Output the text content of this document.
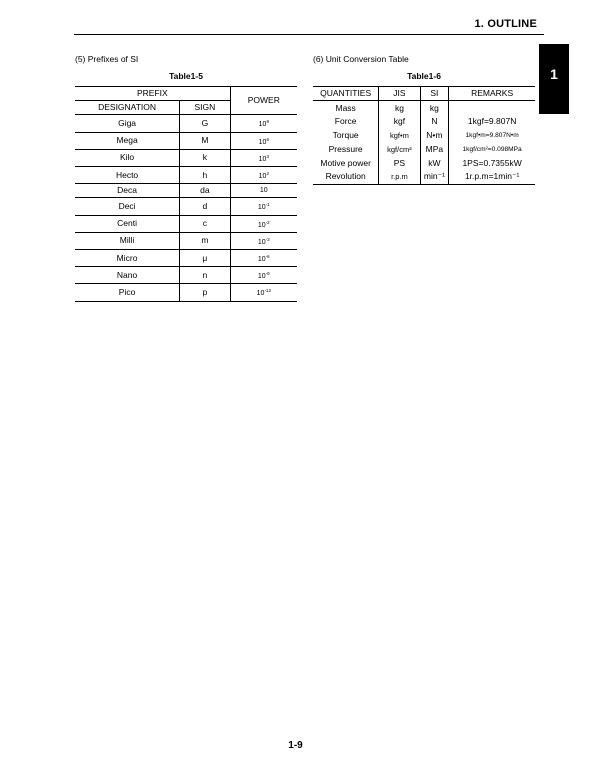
1. OUTLINE
1
(5) Prefixes of SI
Table1-5
PREFIX		POWER
DESIGNATION	SIGN	
Giga	G	$10^9$
Mega	M	$10^6$
Kilo	k	$10^3$
Hecto	h	$10^2$
Deca	da	10
Deci	d	$10^{-1}$
Centi	c	$10^{-2}$
Milli	m	$10^{-3}$
Micro	μ	$10^{-6}$
Nano	n	$10^{-9}$
Pico	p	$10^{-12}$
(6) Unit Conversion Table
Table1-6
QUANTITIES	JIS	SI	REMARKS
Mass	kg	kg	
Force	kgf	N	1kgf=9.807N
Torque	kgf•m	N•m	1kgf•m=9.807N•m
Pressure	kgf/cm²	MPa	1kgf/cm²=0.098MPa
Motive power	PS	kW	1PS=0.7355kW
Revolution	r.p.m	min⁻¹	1r.p.m=1min⁻¹
1-9
